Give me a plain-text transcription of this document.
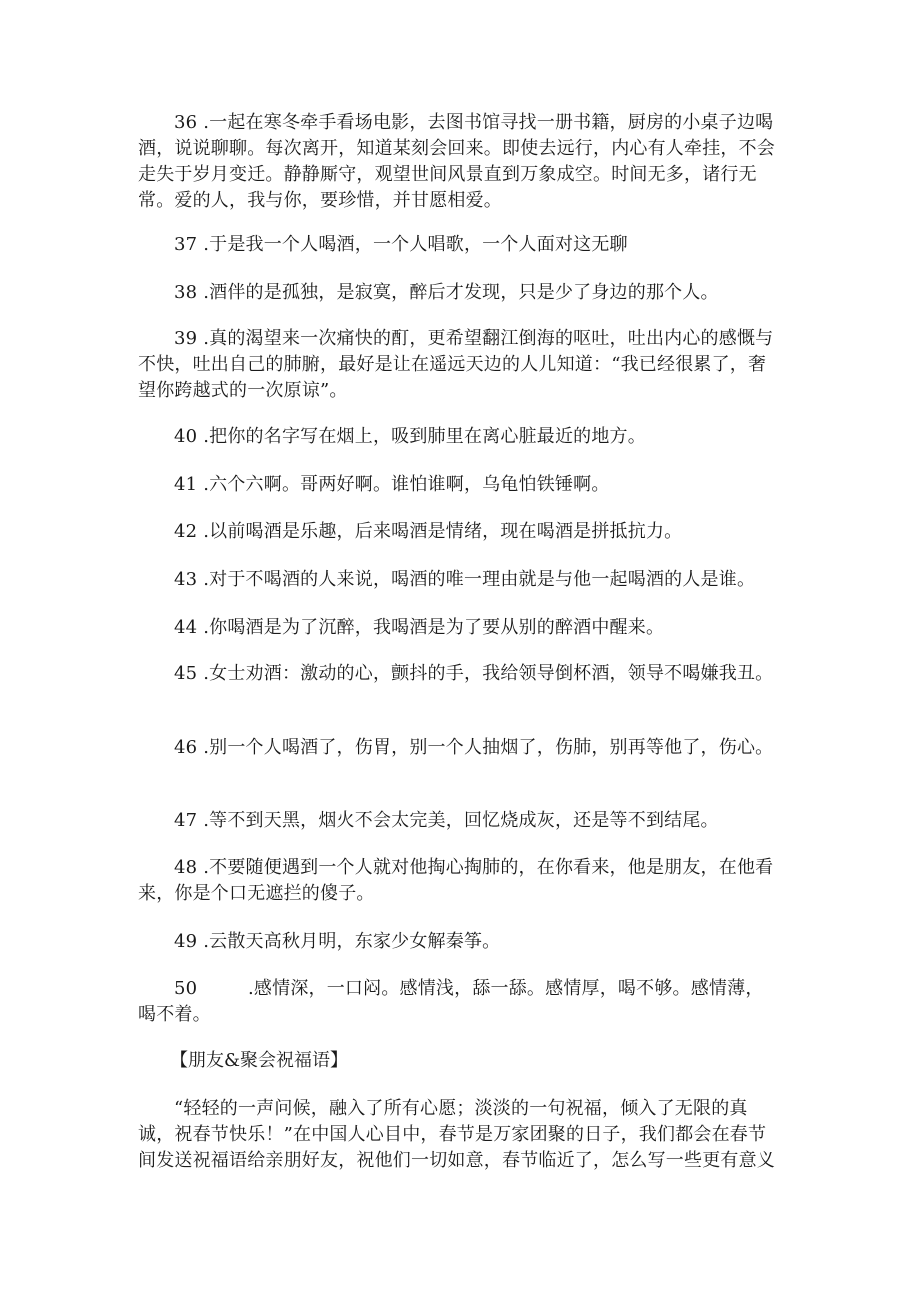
36 .一起在寒冬牵手看场电影，去图书馆寻找一册书籍，厨房的小桌子边喝酒，说说聊聊。每次离开，知道某刻会回来。即使去远行，内心有人牵挂，不会走失于岁月变迁。静静厮守，观望世间风景直到万象成空。时间无多，诸行无常。爱的人，我与你，要珍惜，并甘愿相爱。
37 .于是我一个人喝酒，一个人唱歌，一个人面对这无聊
38 .酒伴的是孤独，是寂寞，醉后才发现，只是少了身边的那个人。
39 .真的渴望来一次痛快的酊，更希望翻江倒海的呕吐，吐出内心的感慨与不快，吐出自己的肺腑，最好是让在遥远天边的人儿知道：“我已经很累了，奢望你跨越式的一次原谅”。
40 .把你的名字写在烟上，吸到肺里在离心脏最近的地方。
41 .六个六啊。哥两好啊。谁怕谁啊，乌龟怕铁锤啊。
42 .以前喝酒是乐趣，后来喝酒是情绪，现在喝酒是拼抵抗力。
43 .对于不喝酒的人来说，喝酒的唯一理由就是与他一起喝酒的人是谁。
44 .你喝酒是为了沉醉，我喝酒是为了要从别的醉酒中醒来。
45 .女士劝酒：激动的心，颤抖的手，我给领导倒杯酒，领导不喝嫌我丑。
46 .别一个人喝酒了，伤胃，别一个人抽烟了，伤肺，别再等他了，伤心。
47 .等不到天黑，烟火不会太完美，回忆烧成灰，还是等不到结尾。
48 .不要随便遇到一个人就对他掏心掏肺的，在你看来，他是朋友，在他看来，你是个口无遮拦的傻子。
49 .云散天高秋月明，东家少女解秦筝。
50	.感情深，一口闷。感情浅，舔一舔。感情厚，喝不够。感情薄，喝不着。
【朋友&聚会祝福语】
“轻轻的一声问候，融入了所有心愿；淡淡的一句祝福，倾入了无限的真诚，祝春节快乐！”在中国人心目中，春节是万家团聚的日子，我们都会在春节间发送祝福语给亲朋好友，祝他们一切如意，春节临近了，怎么写一些更有意义
